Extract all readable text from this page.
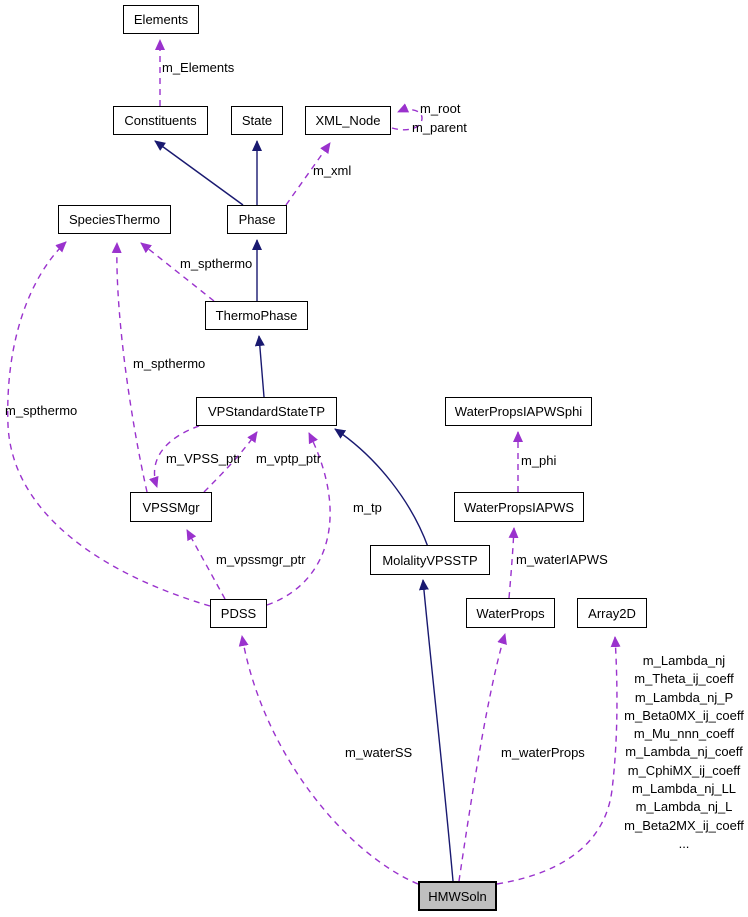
Elements
Constituents	State	XML_Node
SpeciesThermo	Phase
ThermoPhase
VPStandardStateTP	WaterPropsIAPWSphi
VPSSMgr	WaterPropsIAPWS
MolalityVPSSTP
PDSS	WaterProps	Array2D
HMWSoln
m_Elements
m_root
m_parent
m_xml
m_spthermo
m_spthermo
m_spthermo
m_VPSS_ptr m_vptp_ptr
m_tp
m_phi
m_waterIAPWS
m_vpssmgr_ptr
m_waterSS	m_waterProps
m_Lambda_nj
m_Theta_ij_coeff
m_Lambda_nj_P
m_Beta0MX_ij_coeff
m_Mu_nnn_coeff
m_Lambda_nj_coeff
m_CphiMX_ij_coeff
m_Lambda_nj_LL
m_Lambda_nj_L
m_Beta2MX_ij_coeff
...
